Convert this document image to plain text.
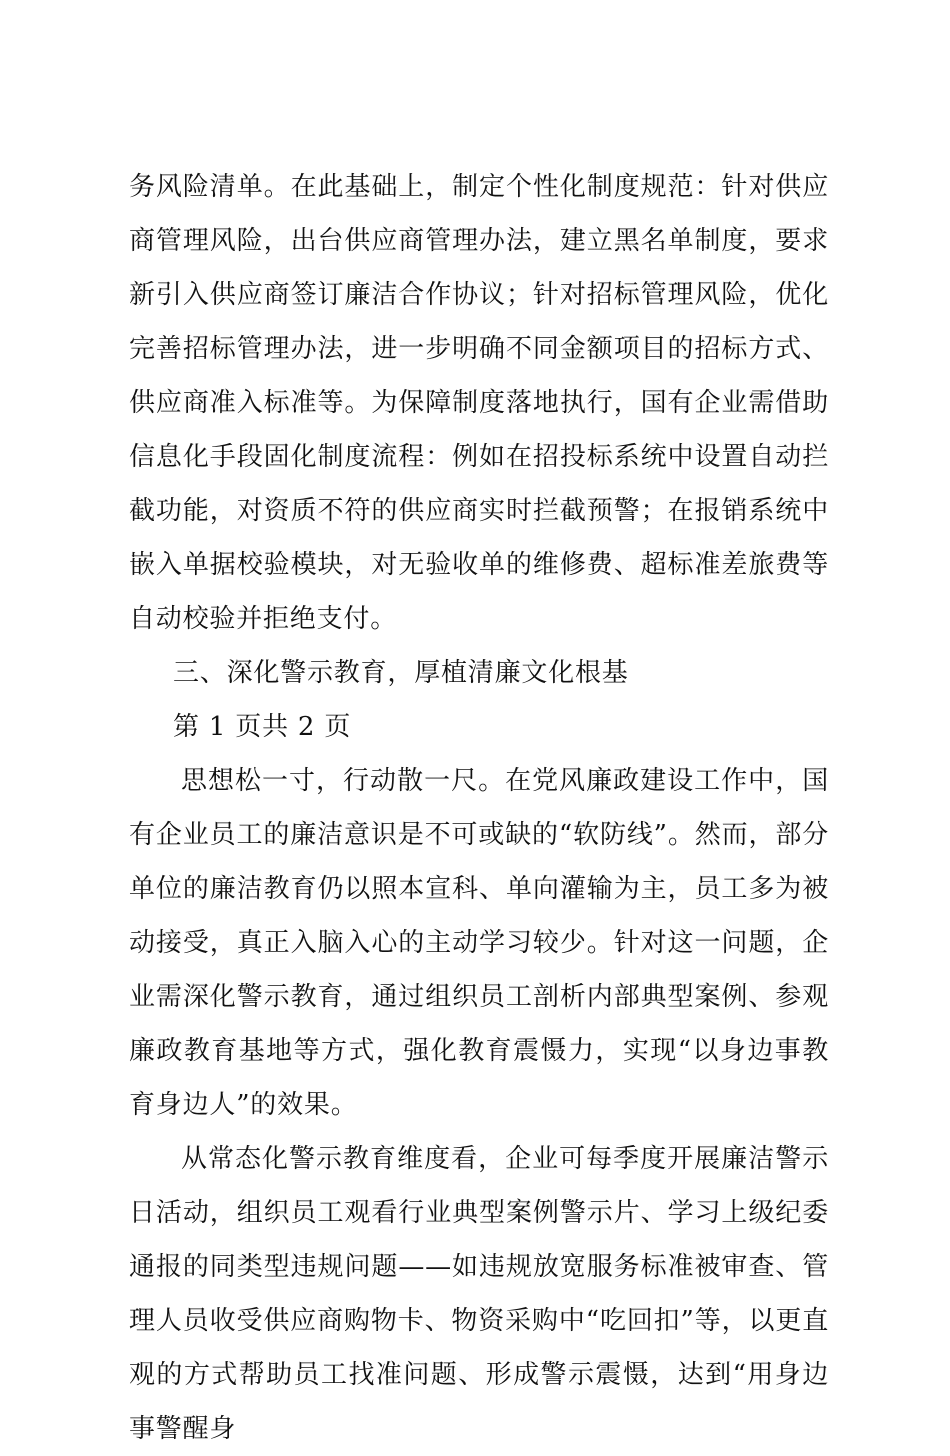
务风险清单。在此基础上，制定个性化制度规范：针对供应商管理风险，出台供应商管理办法，建立黑名单制度，要求新引入供应商签订廉洁合作协议；针对招标管理风险，优化完善招标管理办法，进一步明确不同金额项目的招标方式、供应商准入标准等。为保障制度落地执行，国有企业需借助信息化手段固化制度流程：例如在招投标系统中设置自动拦截功能，对资质不符的供应商实时拦截预警；在报销系统中嵌入单据校验模块，对无验收单的维修费、超标准差旅费等自动校验并拒绝支付。

三、深化警示教育，厚植清廉文化根基

第 1 页共 2 页

思想松一寸，行动散一尺。在党风廉政建设工作中，国有企业员工的廉洁意识是不可或缺的“软防线”。然而，部分单位的廉洁教育仍以照本宣科、单向灌输为主，员工多为被动接受，真正入脑入心的主动学习较少。针对这一问题，企业需深化警示教育，通过组织员工剖析内部典型案例、参观廉政教育基地等方式，强化教育震慑力，实现“以身边事教育身边人”的效果。

从常态化警示教育维度看，企业可每季度开展廉洁警示日活动，组织员工观看行业典型案例警示片、学习上级纪委通报的同类型违规问题——如违规放宽服务标准被审查、管理人员收受供应商购物卡、物资采购中“吃回扣”等，以更直观的方式帮助员工找准问题、形成警示震慑，达到“用身边事警醒身
